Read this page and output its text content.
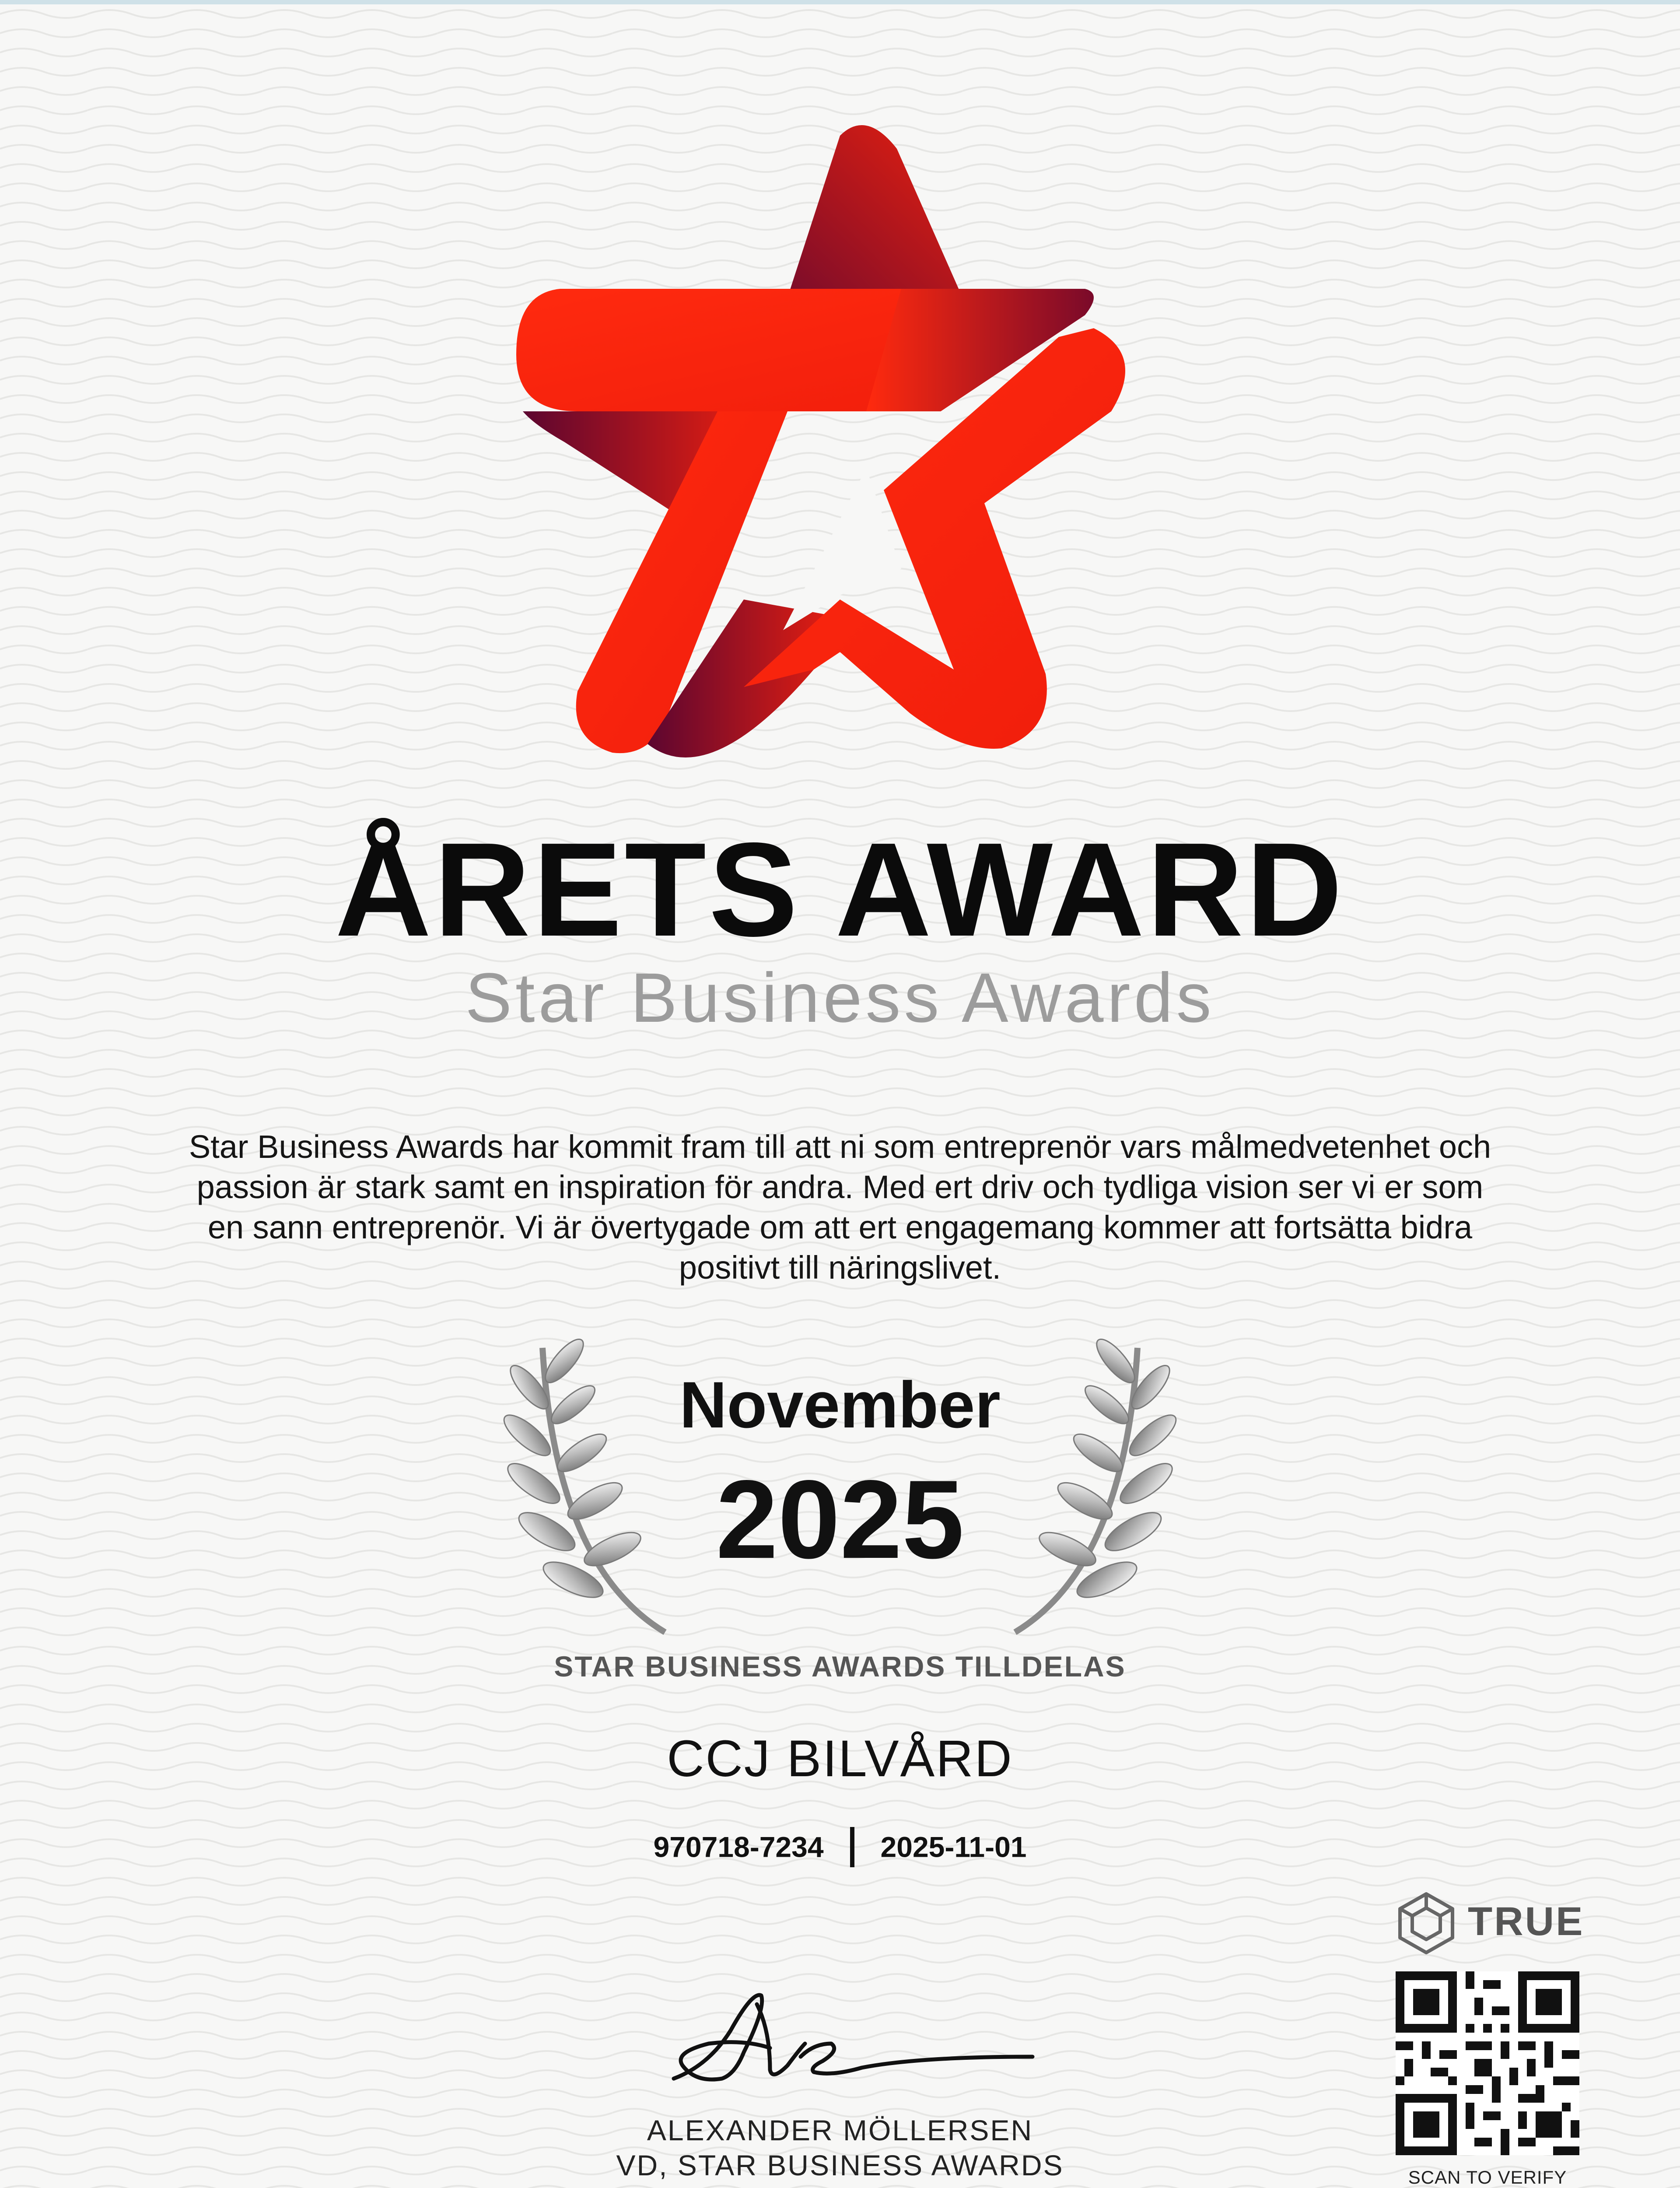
ÅRETS AWARD
Star Business Awards
Star Business Awards har kommit fram till att ni som entreprenör vars målmedvetenhet och passion är stark samt en inspiration för andra. Med ert driv och tydliga vision ser vi er som en sann entreprenör. Vi är övertygade om att ert engagemang kommer att fortsätta bidra positivt till näringslivet.
November
2025
STAR BUSINESS AWARDS TILLDELAS
CCJ BILVÅRD
970718-7234 2025-11-01
ALEXANDER MÖLLERSEN
VD, STAR BUSINESS AWARDS
TRUE
SCAN TO VERIFY
